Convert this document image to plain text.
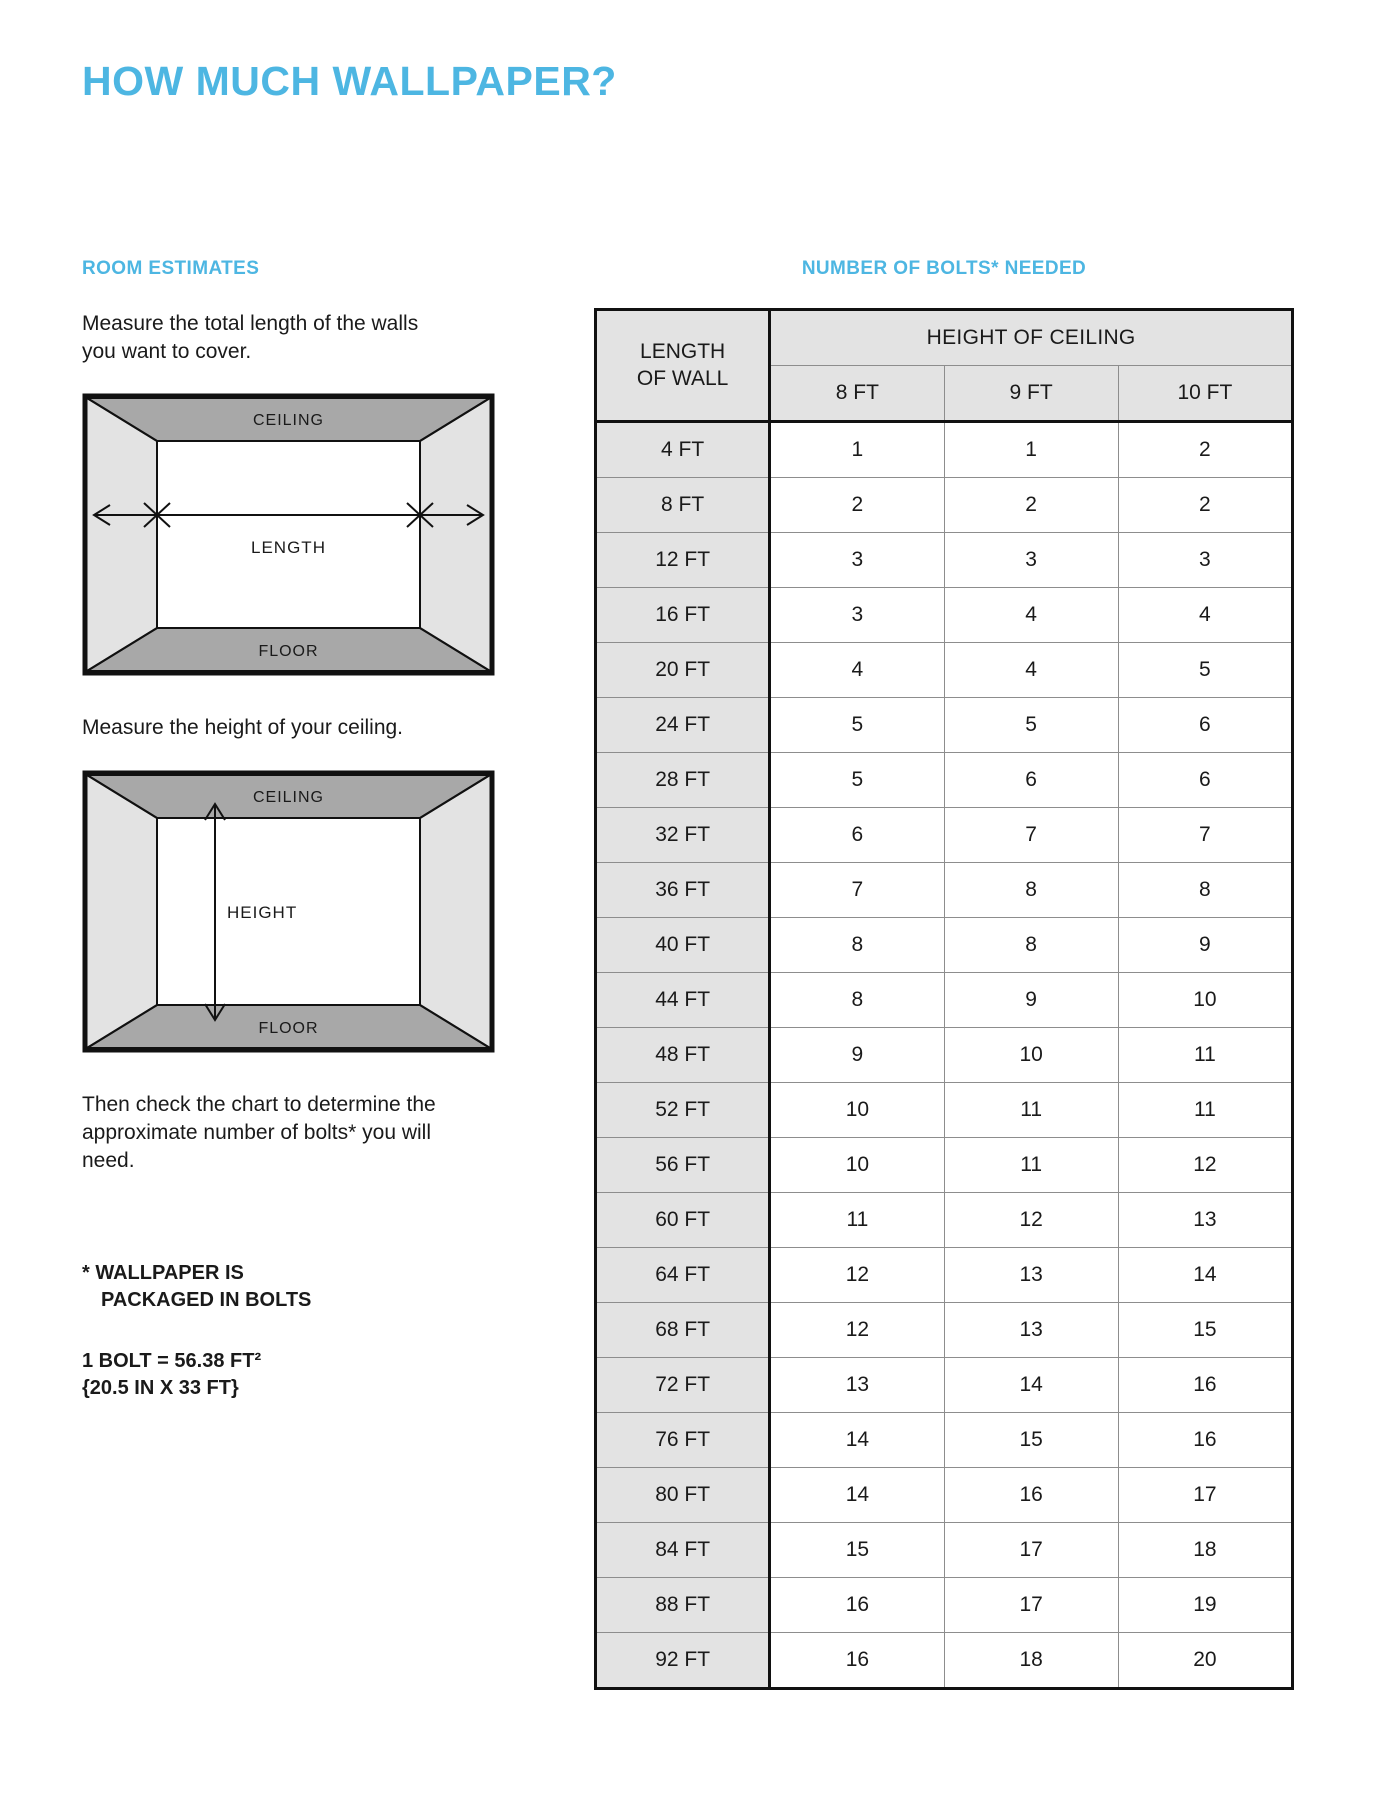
HOW MUCH WALLPAPER?
ROOM ESTIMATES

Measure the total length of the walls you want to cover.

CEILING
FLOOR
LENGTH

Measure the height of your ceiling.

CEILING
FLOOR
HEIGHT

Then check the chart to determine the approximate number of bolts* you will need.

* WALLPAPER IS
PACKAGED IN BOLTS
1 BOLT = 56.38 FT²
{20.5 IN X 33 FT}
NUMBER OF BOLTS* NEEDED
LENGTH
OF WALL	HEIGHT OF CEILING		
	8 FT	9 FT	10 FT
4 FT	1	1	2
8 FT	2	2	2
12 FT	3	3	3
16 FT	3	4	4
20 FT	4	4	5
24 FT	5	5	6
28 FT	5	6	6
32 FT	6	7	7
36 FT	7	8	8
40 FT	8	8	9
44 FT	8	9	10
48 FT	9	10	11
52 FT	10	11	11
56 FT	10	11	12
60 FT	11	12	13
64 FT	12	13	14
68 FT	12	13	15
72 FT	13	14	16
76 FT	14	15	16
80 FT	14	16	17
84 FT	15	17	18
88 FT	16	17	19
92 FT	16	18	20
